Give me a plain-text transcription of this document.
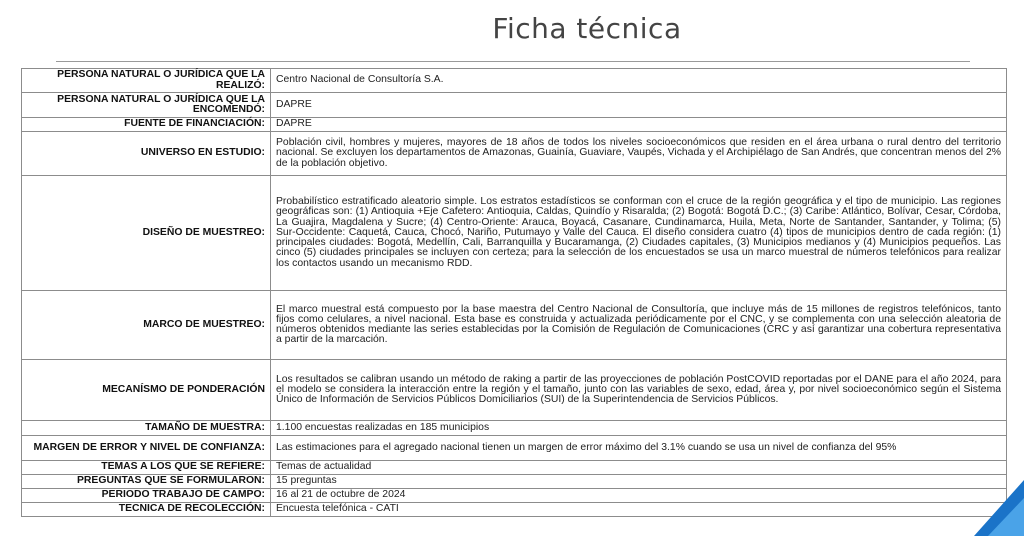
Ficha técnica
PERSONA NATURAL O JURÍDICA QUE LA REALIZÓ:	Centro Nacional de Consultoría S.A.
PERSONA NATURAL O JURÍDICA QUE LA ENCOMENDÓ:	DAPRE
FUENTE DE FINANCIACIÓN:	DAPRE
UNIVERSO EN ESTUDIO:	Población civil, hombres y mujeres, mayores de 18 años de todos los niveles socioeconómicos que residen en el área urbana o rural dentro del territorio nacional. Se excluyen los departamentos de Amazonas, Guainía, Guaviare, Vaupés, Vichada y el Archipiélago de San Andrés, que concentran menos del 2% de la población objetivo.
DISEÑO DE MUESTREO:	Probabilístico estratificado aleatorio simple. Los estratos estadísticos se conforman con el cruce de la región geográfica y el tipo de municipio. Las regiones geográficas son: (1) Antioquia +Eje Cafetero: Antioquia, Caldas, Quindío y Risaralda; (2) Bogotá: Bogotá D.C.; (3) Caribe: Atlántico, Bolívar, Cesar, Córdoba, La Guajira, Magdalena y Sucre; (4) Centro-Oriente: Arauca, Boyacá, Casanare, Cundinamarca, Huila, Meta, Norte de Santander, Santander, y Tolima; (5) Sur-Occidente: Caquetá, Cauca, Chocó, Nariño, Putumayo y Valle del Cauca. El diseño considera cuatro (4) tipos de municipios dentro de cada región: (1) principales ciudades: Bogotá, Medellín, Cali, Barranquilla y Bucaramanga, (2) Ciudades capitales, (3) Municipios medianos y (4) Municipios pequeños. Las cinco (5) ciudades principales se incluyen con certeza; para la selección de los encuestados se usa un marco muestral de números telefónicos para realizar los contactos usando un mecanismo RDD.
MARCO DE MUESTREO:	El marco muestral está compuesto por la base maestra del Centro Nacional de Consultoría, que incluye más de 15 millones de registros telefónicos, tanto fijos como celulares, a nivel nacional. Esta base es construida y actualizada periódicamente por el CNC, y se complementa con una selección aleatoria de números obtenidos mediante las series establecidas por la Comisión de Regulación de Comunicaciones (CRC y así garantizar una cobertura representativa a partir de la marcación.
MECANÍSMO DE PONDERACIÓN	Los resultados se calibran usando un método de raking a partir de las proyecciones de población PostCOVID reportadas por el DANE para el año 2024, para el modelo se considera la interacción entre la región y el tamaño, junto con las variables de sexo, edad, área y, por nivel socioeconómico según el Sistema Único de Información de Servicios Públicos Domiciliarios (SUI) de la Superintendencia de Servicios Públicos.
TAMAÑO DE MUESTRA:	1.100 encuestas realizadas en 185 municipios
MARGEN DE ERROR Y NIVEL DE CONFIANZA:	Las estimaciones para el agregado nacional tienen un margen de error máximo del 3.1% cuando se usa un nivel de confianza del 95%
TEMAS A LOS QUE SE REFIERE:	Temas de actualidad
PREGUNTAS QUE SE FORMULARON:	15 preguntas
PERIODO TRABAJO DE CAMPO:	16 al 21 de octubre de 2024
TECNICA DE RECOLECCIÓN:	Encuesta telefónica - CATI
